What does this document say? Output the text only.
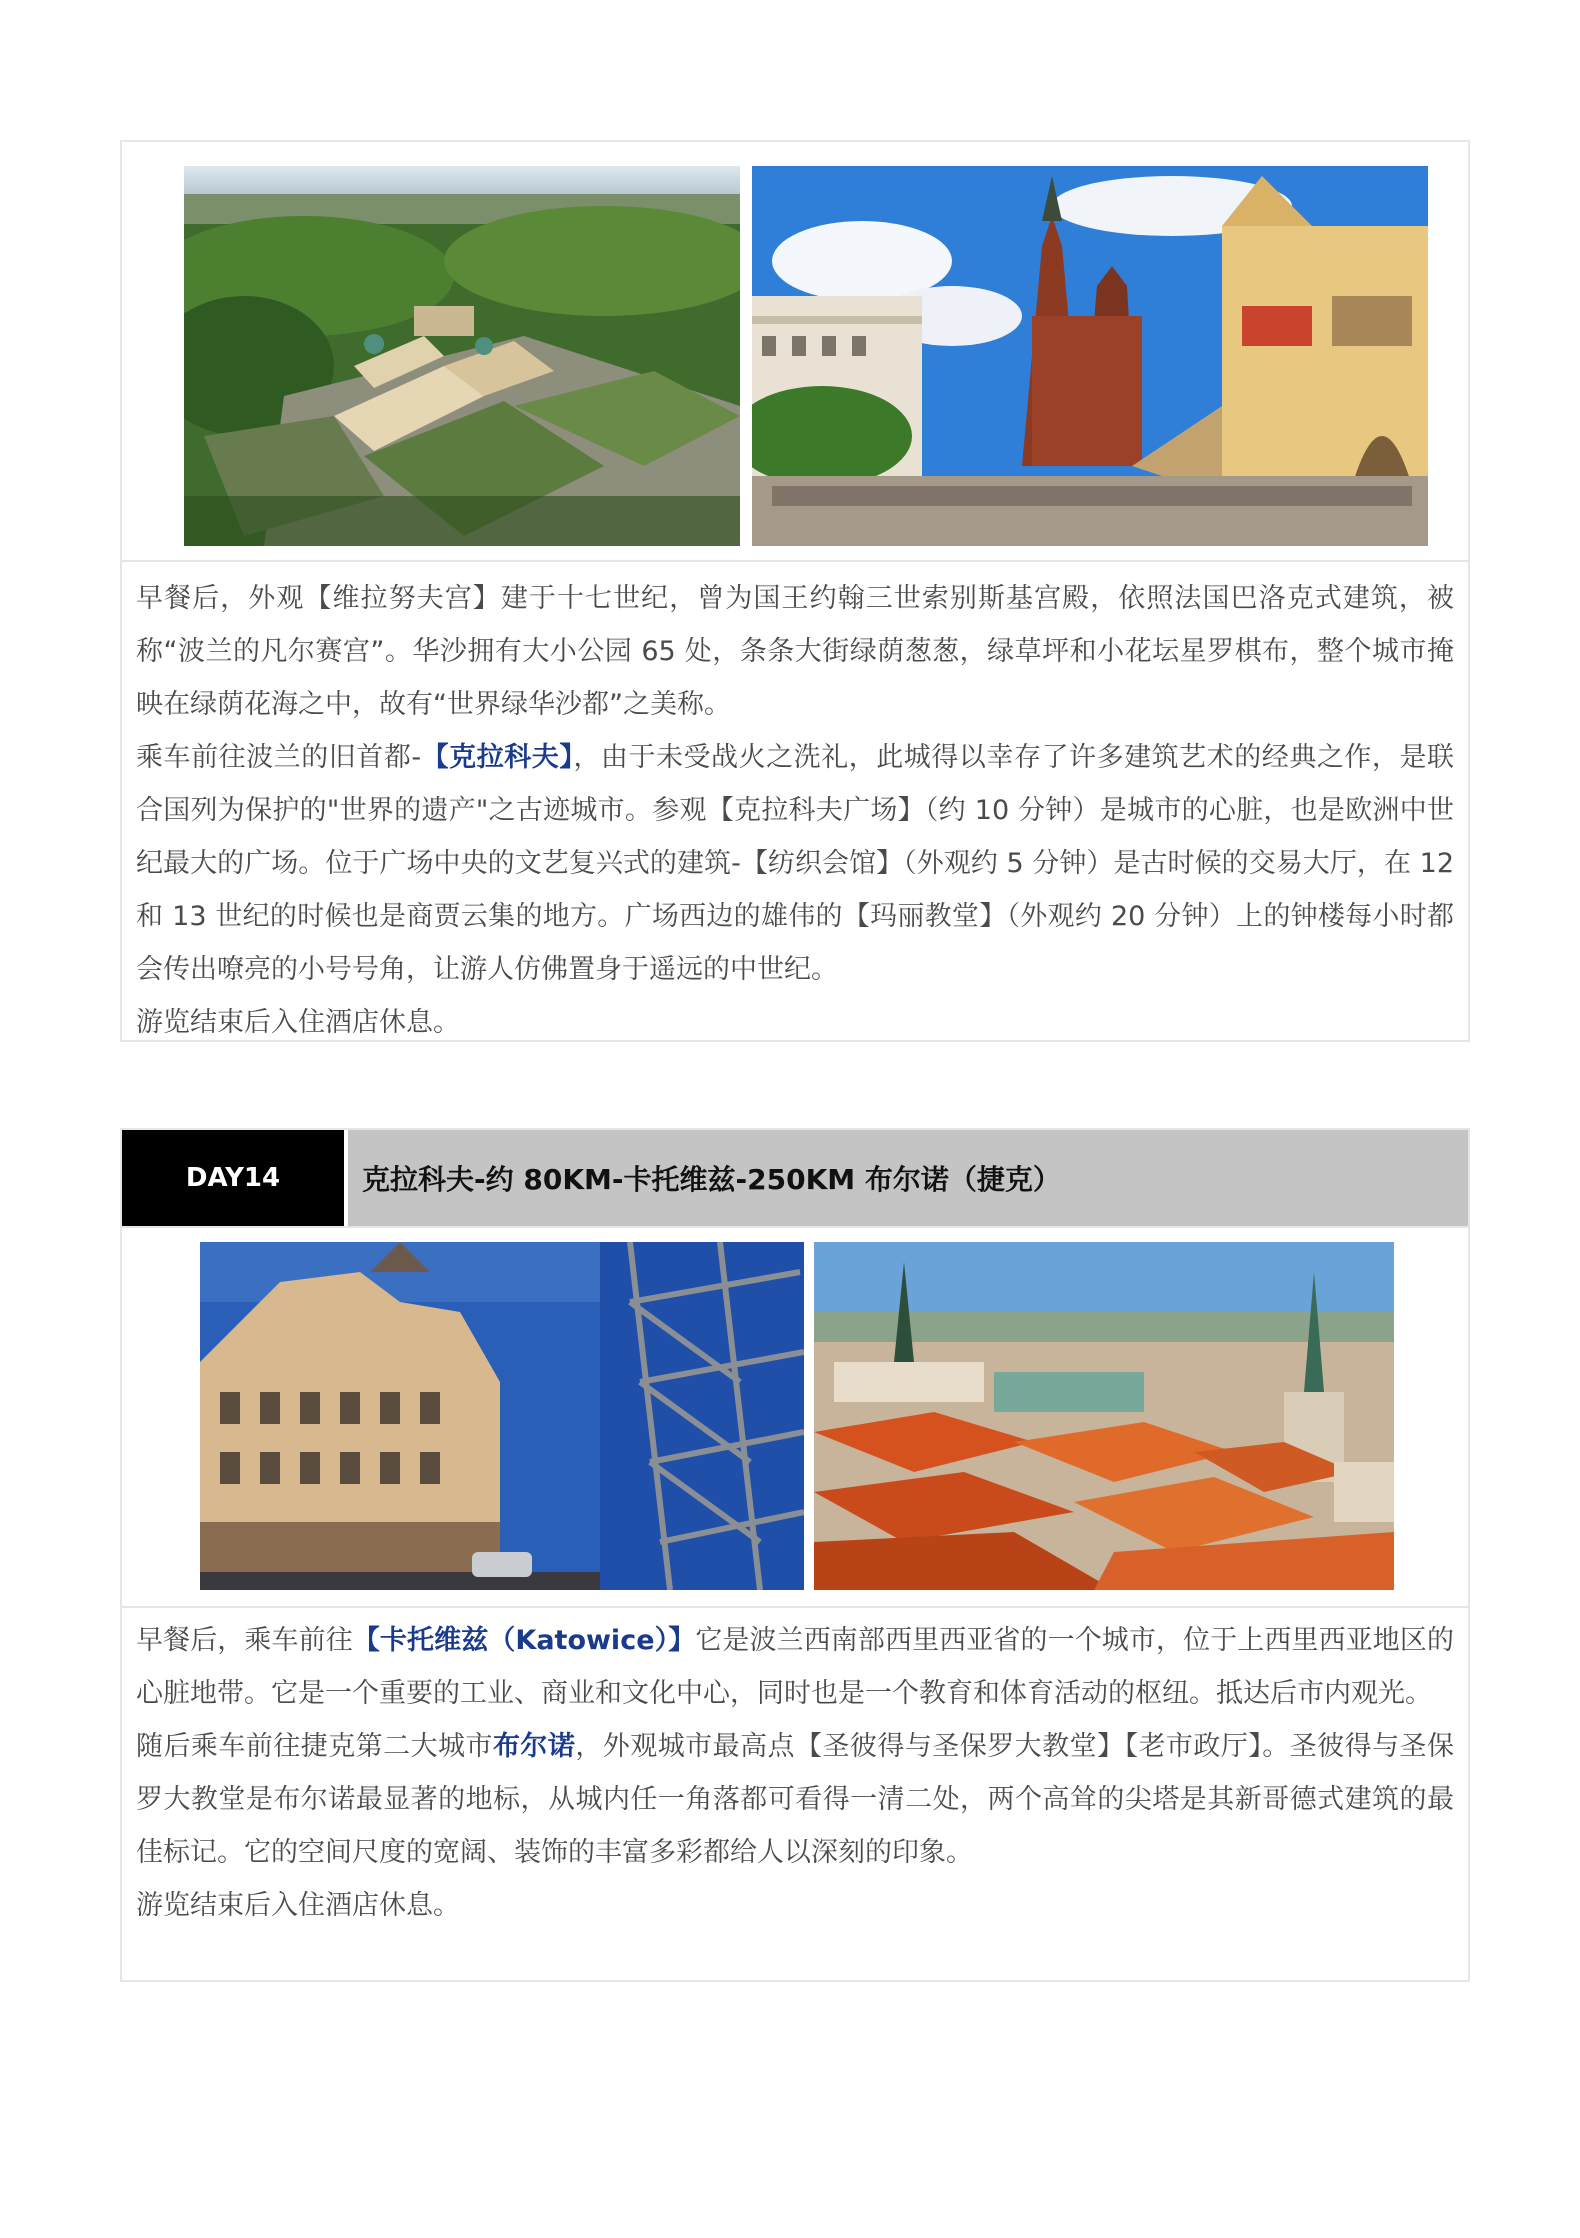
早餐后，外观【维拉努夫宫】建于十七世纪，曾为国王约翰三世索别斯基宫殿，依照法国巴洛克式建筑，被称“波兰的凡尔赛宫”。华沙拥有大小公园 65 处，条条大街绿荫葱葱，绿草坪和小花坛星罗棋布，整个城市掩映在绿荫花海之中，故有“世界绿华沙都”之美称。

乘车前往波兰的旧首都-【克拉科夫】，由于未受战火之洗礼，此城得以幸存了许多建筑艺术的经典之作，是联合国列为保护的"世界的遗产"之古迹城市。参观【克拉科夫广场】（约 10 分钟）是城市的心脏，也是欧洲中世纪最大的广场。位于广场中央的文艺复兴式的建筑-【纺织会馆】（外观约 5 分钟）是古时候的交易大厅，在 12 和 13 世纪的时候也是商贾云集的地方。广场西边的雄伟的【玛丽教堂】（外观约 20 分钟）上的钟楼每小时都会传出嘹亮的小号号角，让游人仿佛置身于遥远的中世纪。

游览结束后入住酒店休息。

DAY14	克拉科夫-约 80KM-卡托维兹-250KM 布尔诺（捷克）

早餐后，乘车前往【卡托维兹（Katowice）】它是波兰西南部西里西亚省的一个城市，位于上西里西亚地区的心脏地带。它是一个重要的工业、商业和文化中心，同时也是一个教育和体育活动的枢纽。抵达后市内观光。

随后乘车前往捷克第二大城市布尔诺，外观城市最高点【圣彼得与圣保罗大教堂】【老市政厅】。圣彼得与圣保罗大教堂是布尔诺最显著的地标，从城内任一角落都可看得一清二处，两个高耸的尖塔是其新哥德式建筑的最佳标记。它的空间尺度的宽阔、装饰的丰富多彩都给人以深刻的印象。

游览结束后入住酒店休息。
